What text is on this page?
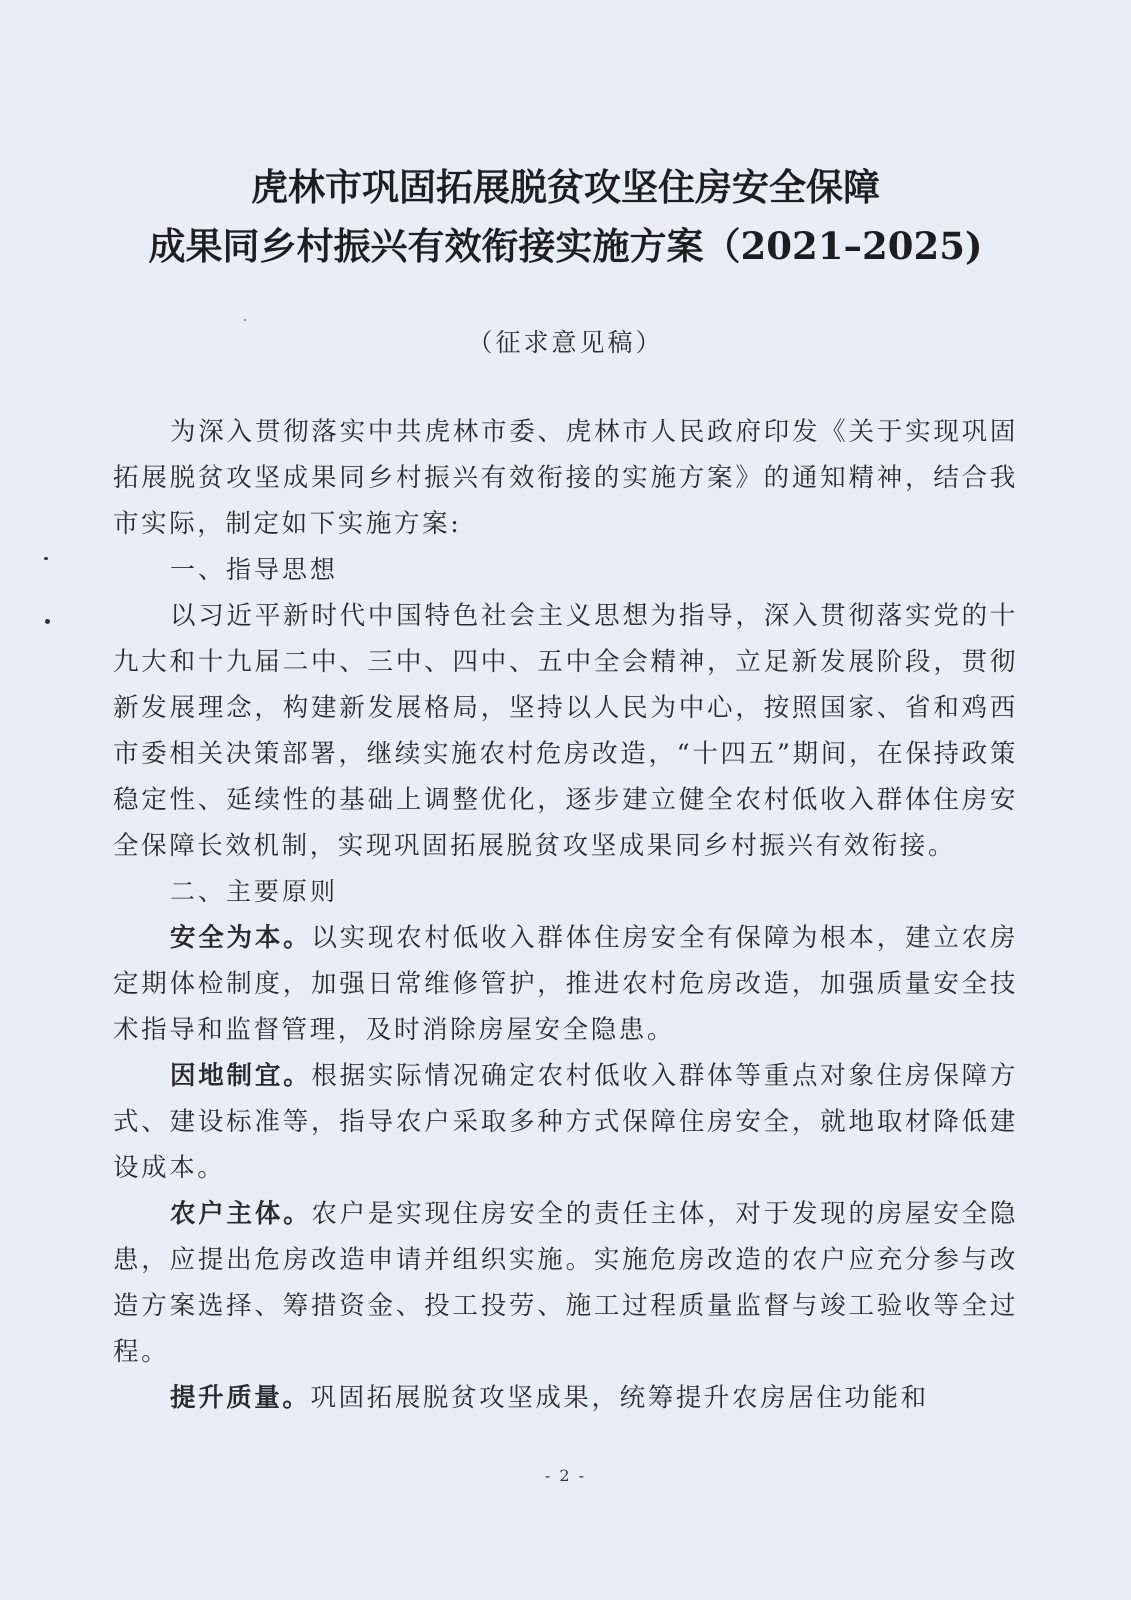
虎林市巩固拓展脱贫攻坚住房安全保障
成果同乡村振兴有效衔接实施方案（2021–2025)
（征求意见稿）

为深入贯彻落实中共虎林市委、虎林市人民政府印发《关于实现巩固拓展脱贫攻坚成果同乡村振兴有效衔接的实施方案》的通知精神，结合我市实际，制定如下实施方案:

一、指导思想

以习近平新时代中国特色社会主义思想为指导，深入贯彻落实党的十九大和十九届二中、三中、四中、五中全会精神，立足新发展阶段，贯彻新发展理念，构建新发展格局，坚持以人民为中心，按照国家、省和鸡西市委相关决策部署，继续实施农村危房改造，“十四五”期间，在保持政策稳定性、延续性的基础上调整优化，逐步建立健全农村低收入群体住房安全保障长效机制，实现巩固拓展脱贫攻坚成果同乡村振兴有效衔接。

二、主要原则

安全为本。以实现农村低收入群体住房安全有保障为根本，建立农房定期体检制度，加强日常维修管护，推进农村危房改造，加强质量安全技术指导和监督管理，及时消除房屋安全隐患。

因地制宜。根据实际情况确定农村低收入群体等重点对象住房保障方式、建设标准等，指导农户采取多种方式保障住房安全，就地取材降低建设成本。

农户主体。农户是实现住房安全的责任主体，对于发现的房屋安全隐患，应提出危房改造申请并组织实施。实施危房改造的农户应充分参与改造方案选择、筹措资金、投工投劳、施工过程质量监督与竣工验收等全过程。

提升质量。巩固拓展脱贫攻坚成果，统筹提升农房居住功能和

- 2 -
